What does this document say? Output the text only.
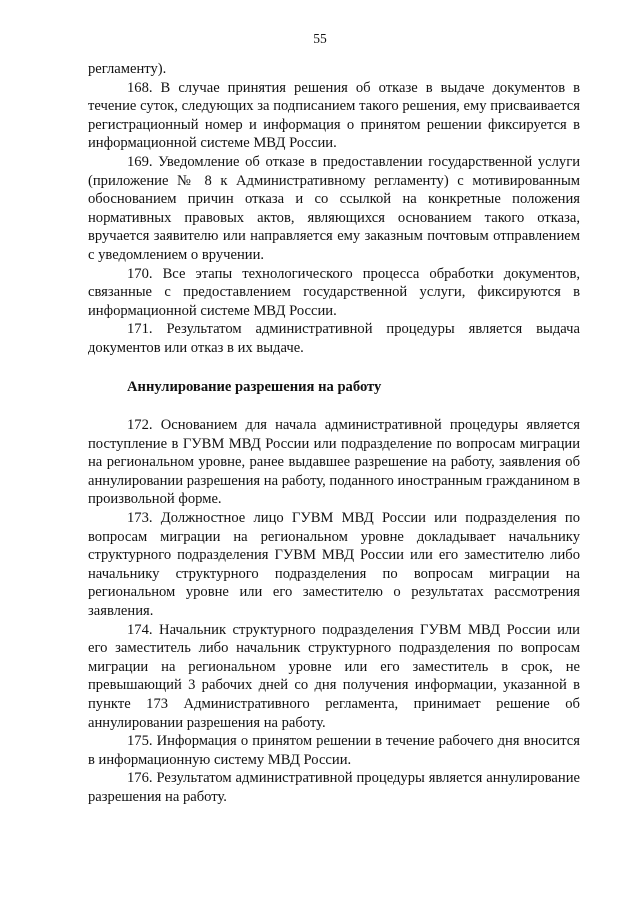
55

регламенту).

168. В случае принятия решения об отказе в выдаче документов в течение суток, следующих за подписанием такого решения, ему присваивается регистрационный номер и информация о принятом решении фиксируется в информационной системе МВД России.

169. Уведомление об отказе в предоставлении государственной услуги (приложение № 8 к Административному регламенту) с мотивированным обоснованием причин отказа и со ссылкой на конкретные положения нормативных правовых актов, являющихся основанием такого отказа, вручается заявителю или направляется ему заказным почтовым отправлением с уведомлением о вручении.

170. Все этапы технологического процесса обработки документов, связанные с предоставлением государственной услуги, фиксируются в информационной системе МВД России.

171. Результатом административной процедуры является выдача документов или отказ в их выдаче.

Аннулирование разрешения на работу

172. Основанием для начала административной процедуры является поступление в ГУВМ МВД России или подразделение по вопросам миграции на региональном уровне, ранее выдавшее разрешение на работу, заявления об аннулировании разрешения на работу, поданного иностранным гражданином в произвольной форме.

173. Должностное лицо ГУВМ МВД России или подразделения по вопросам миграции на региональном уровне докладывает начальнику структурного подразделения ГУВМ МВД России или его заместителю либо начальнику структурного подразделения по вопросам миграции на региональном уровне или его заместителю о результатах рассмотрения заявления.

174. Начальник структурного подразделения ГУВМ МВД России или его заместитель либо начальник структурного подразделения по вопросам миграции на региональном уровне или его заместитель в срок, не превышающий 3 рабочих дней со дня получения информации, указанной в пункте 173 Административного регламента, принимает решение об аннулировании разрешения на работу.

175. Информация о принятом решении в течение рабочего дня вносится в информационную систему МВД России.

176. Результатом административной процедуры является аннулирование разрешения на работу.
